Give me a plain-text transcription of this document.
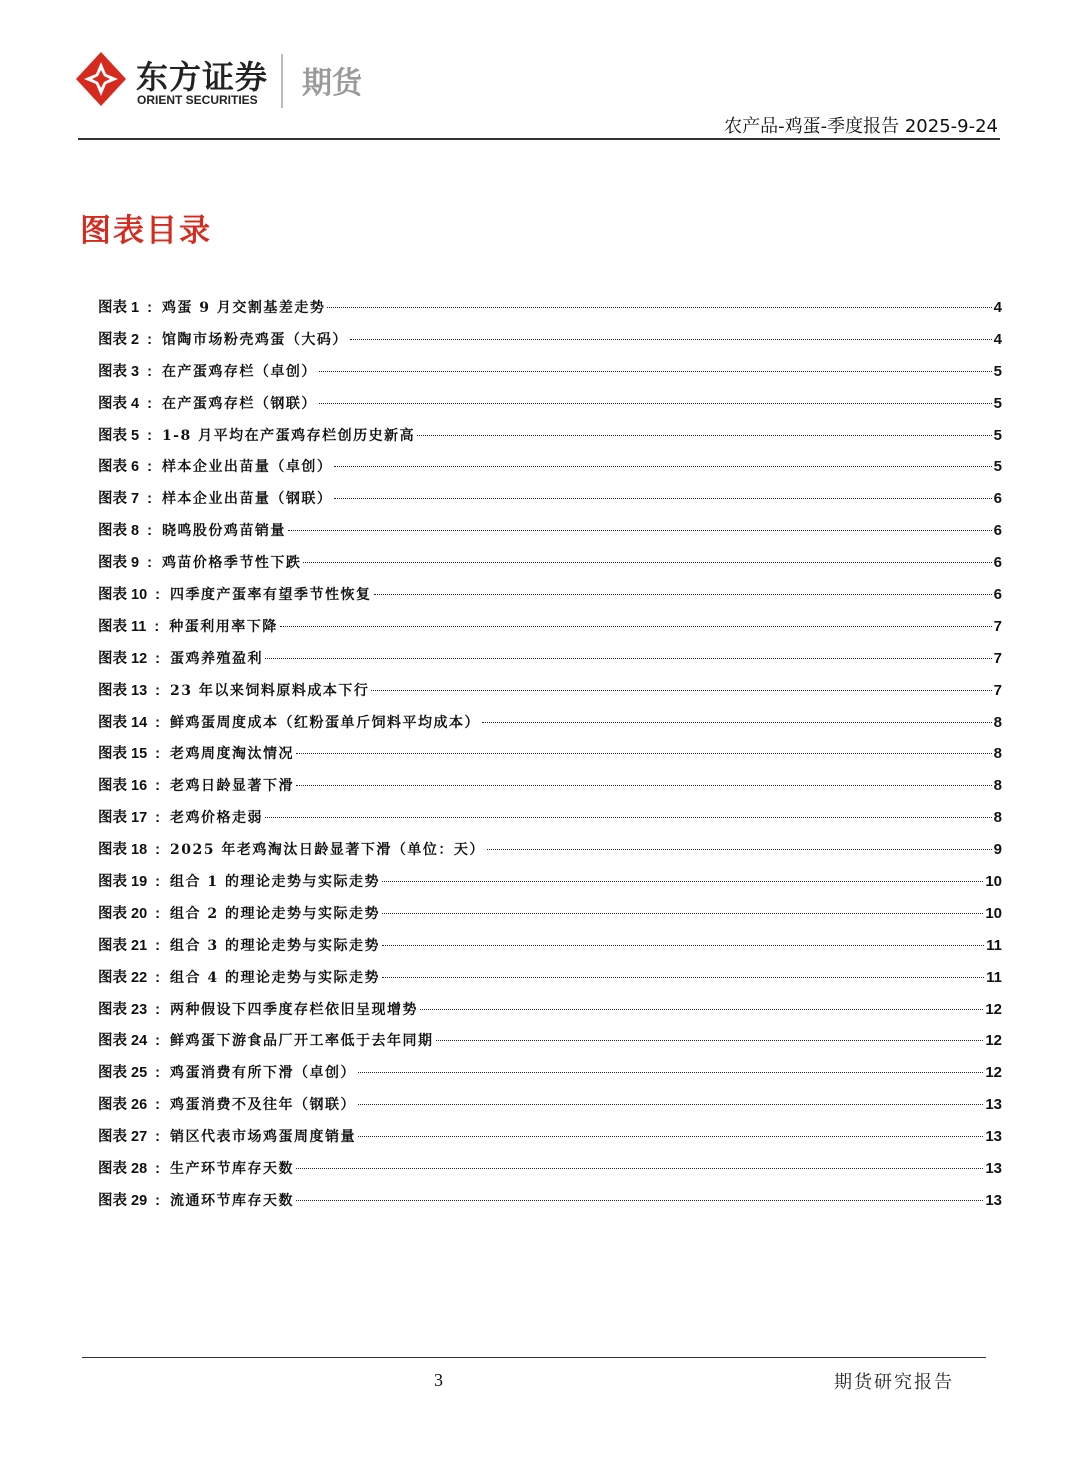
东方证券
ORIENT SECURITIES 期货
农产品-鸡蛋-季度报告 2025-9-24
图表目录
图表 1 : 鸡蛋 9 月交割基差走势	4
图表 2 : 馆陶市场粉壳鸡蛋（大码）	4
图表 3 : 在产蛋鸡存栏（卓创）	5
图表 4 : 在产蛋鸡存栏（钢联）	5
图表 5 : 1-8 月平均在产蛋鸡存栏创历史新高	5
图表 6 : 样本企业出苗量（卓创）	5
图表 7 : 样本企业出苗量（钢联）	6
图表 8 : 晓鸣股份鸡苗销量	6
图表 9 : 鸡苗价格季节性下跌	6
图表 10 : 四季度产蛋率有望季节性恢复	6
图表 11 : 种蛋利用率下降	7
图表 12 : 蛋鸡养殖盈利	7
图表 13 : 23 年以来饲料原料成本下行	7
图表 14 : 鲜鸡蛋周度成本（红粉蛋单斤饲料平均成本）	8
图表 15 : 老鸡周度淘汰情况	8
图表 16 : 老鸡日龄显著下滑	8
图表 17 : 老鸡价格走弱	8
图表 18 : 2025 年老鸡淘汰日龄显著下滑（单位：天）	9
图表 19 : 组合 1 的理论走势与实际走势	10
图表 20 : 组合 2 的理论走势与实际走势	10
图表 21 : 组合 3 的理论走势与实际走势	11
图表 22 : 组合 4 的理论走势与实际走势	11
图表 23 : 两种假设下四季度存栏依旧呈现增势	12
图表 24 : 鲜鸡蛋下游食品厂开工率低于去年同期	12
图表 25 : 鸡蛋消费有所下滑（卓创）	12
图表 26 : 鸡蛋消费不及往年（钢联）	13
图表 27 : 销区代表市场鸡蛋周度销量	13
图表 28 : 生产环节库存天数	13
图表 29 : 流通环节库存天数	13
3	期货研究报告
